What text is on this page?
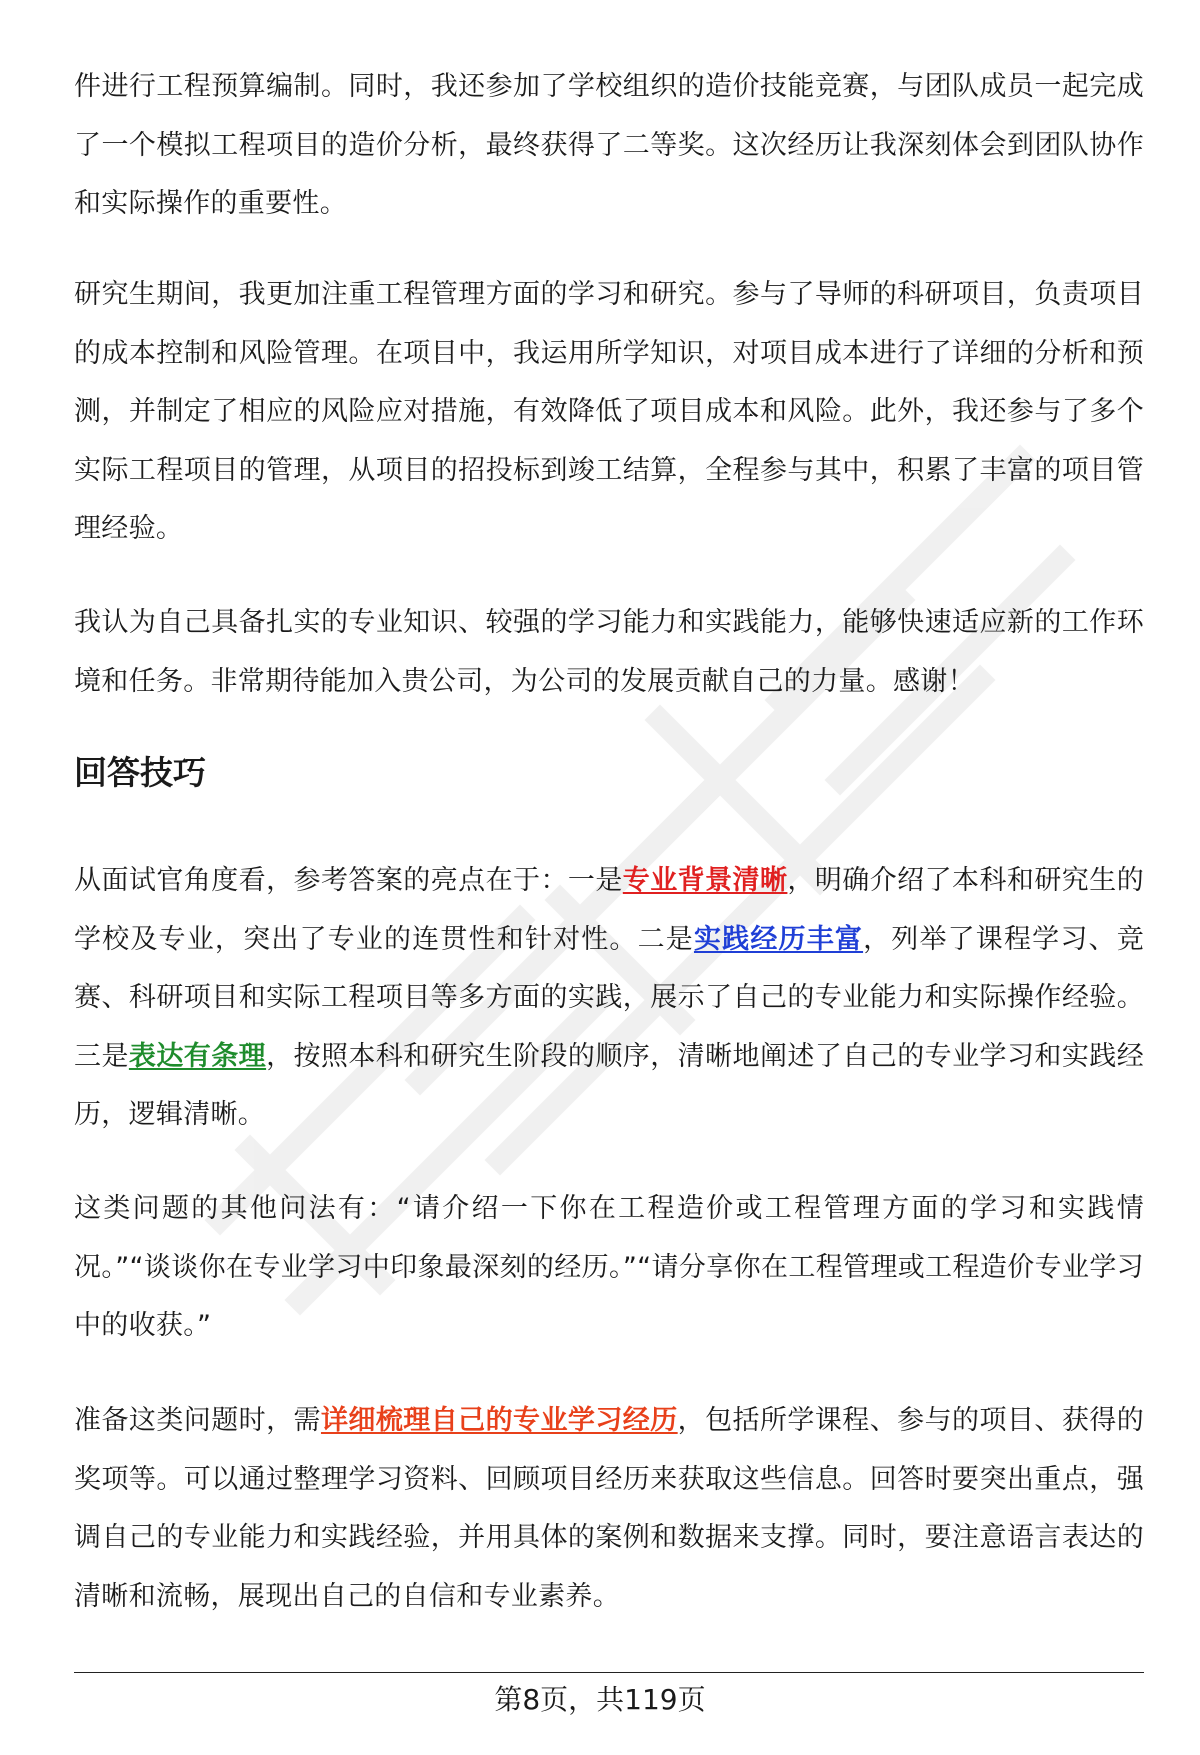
件进行工程预算编制。同时，我还参加了学校组织的造价技能竞赛，与团队成员一起完成了一个模拟工程项目的造价分析，最终获得了二等奖。这次经历让我深刻体会到团队协作和实际操作的重要性。

研究生期间，我更加注重工程管理方面的学习和研究。参与了导师的科研项目，负责项目的成本控制和风险管理。在项目中，我运用所学知识，对项目成本进行了详细的分析和预测，并制定了相应的风险应对措施，有效降低了项目成本和风险。此外，我还参与了多个实际工程项目的管理，从项目的招投标到竣工结算，全程参与其中，积累了丰富的项目管理经验。

我认为自己具备扎实的专业知识、较强的学习能力和实践能力，能够快速适应新的工作环境和任务。非常期待能加入贵公司，为公司的发展贡献自己的力量。感谢！

回答技巧

从面试官角度看，参考答案的亮点在于：一是专业背景清晰，明确介绍了本科和研究生的学校及专业，突出了专业的连贯性和针对性。二是实践经历丰富，列举了课程学习、竞赛、科研项目和实际工程项目等多方面的实践，展示了自己的专业能力和实际操作经验。三是表达有条理，按照本科和研究生阶段的顺序，清晰地阐述了自己的专业学习和实践经历，逻辑清晰。

这类问题的其他问法有：“请介绍一下你在工程造价或工程管理方面的学习和实践情况。”“谈谈你在专业学习中印象最深刻的经历。”“请分享你在工程管理或工程造价专业学习中的收获。”

准备这类问题时，需详细梳理自己的专业学习经历，包括所学课程、参与的项目、获得的奖项等。可以通过整理学习资料、回顾项目经历来获取这些信息。回答时要突出重点，强调自己的专业能力和实践经验，并用具体的案例和数据来支撑。同时，要注意语言表达的清晰和流畅，展现出自己的自信和专业素养。

第8页，共119页
